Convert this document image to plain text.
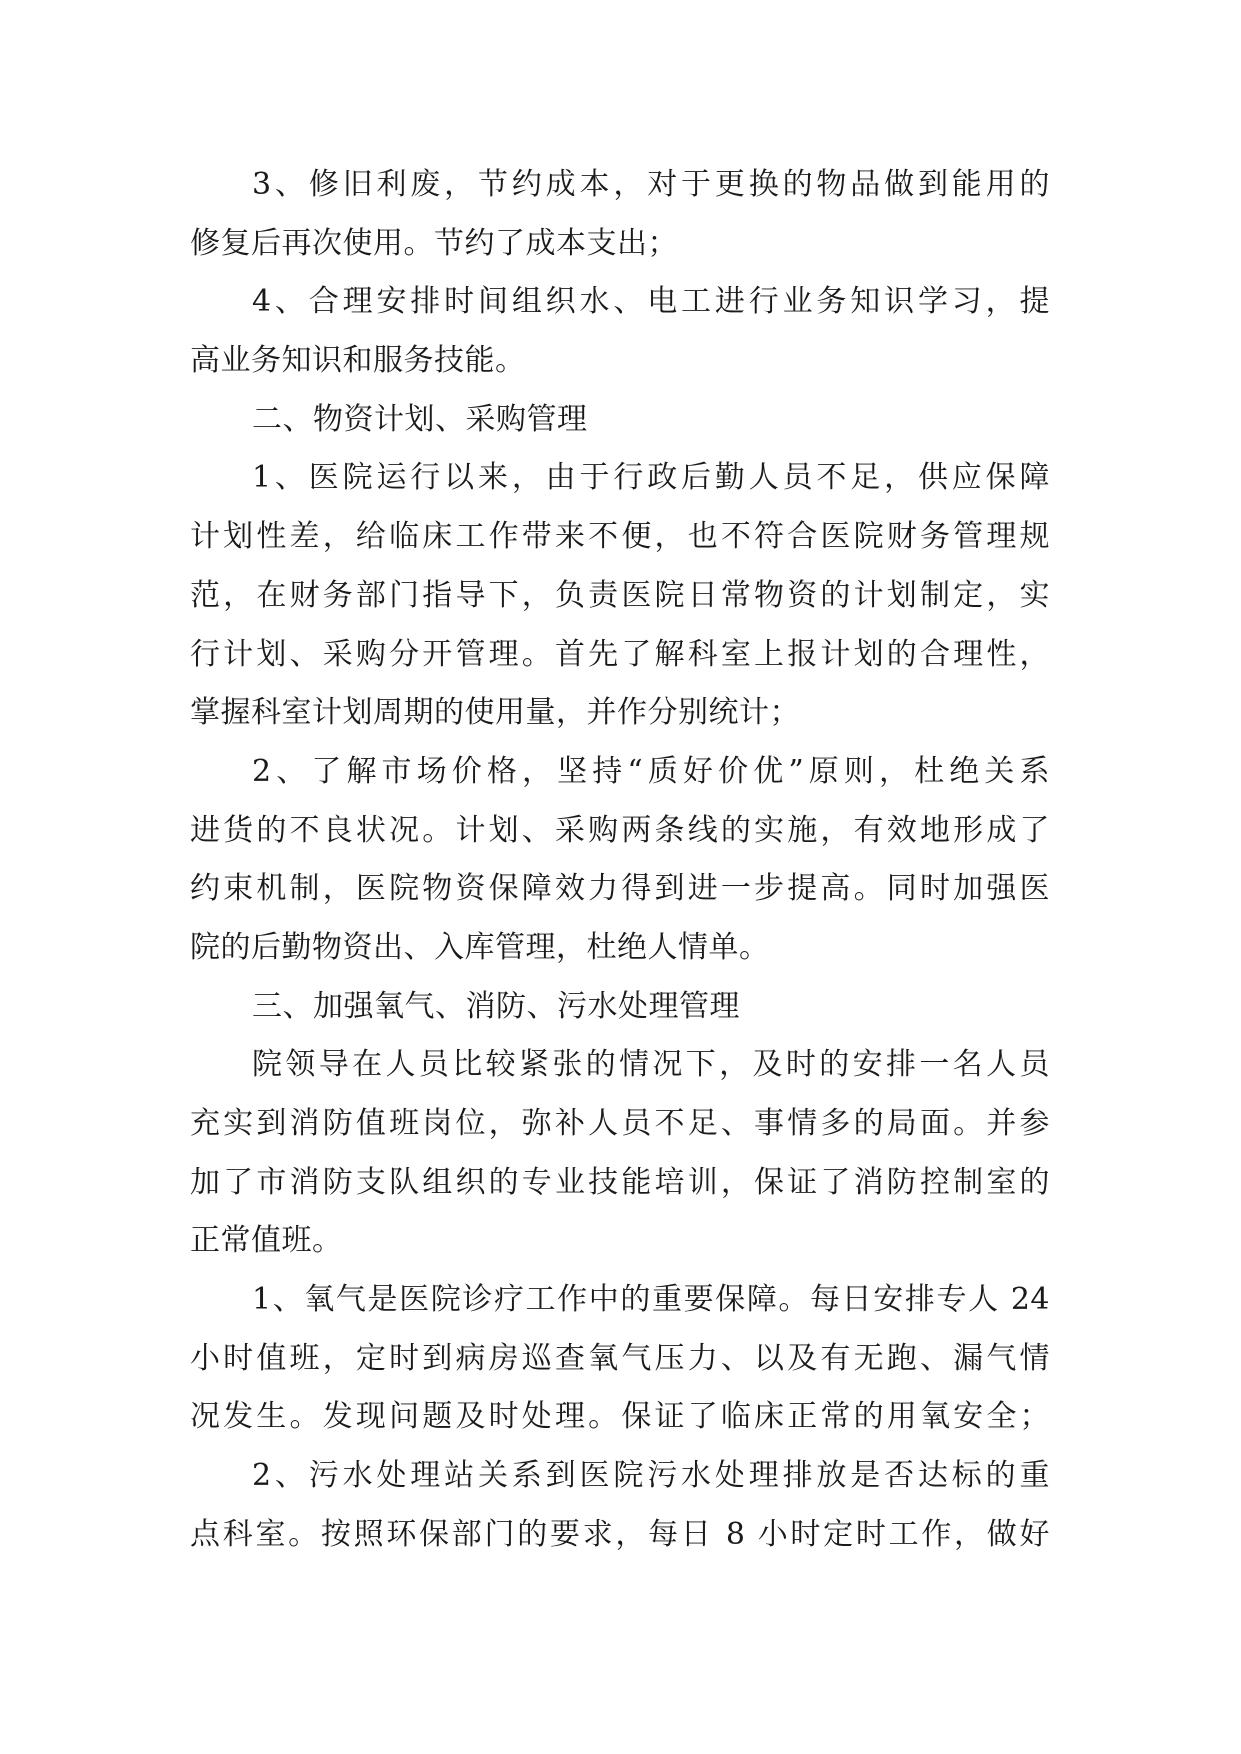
3、修旧利废，节约成本，对于更换的物品做到能用的
修复后再次使用。节约了成本支出；
4、合理安排时间组织水、电工进行业务知识学习，提
高业务知识和服务技能。
二、物资计划、采购管理
1、医院运行以来，由于行政后勤人员不足，供应保障
计划性差，给临床工作带来不便，也不符合医院财务管理规
范，在财务部门指导下，负责医院日常物资的计划制定，实
行计划、采购分开管理。首先了解科室上报计划的合理性，
掌握科室计划周期的使用量，并作分别统计；
2、了解市场价格，坚持“质好价优”原则，杜绝关系
进货的不良状况。计划、采购两条线的实施，有效地形成了
约束机制，医院物资保障效力得到进一步提高。同时加强医
院的后勤物资出、入库管理，杜绝人情单。
三、加强氧气、消防、污水处理管理
院领导在人员比较紧张的情况下，及时的安排一名人员
充实到消防值班岗位，弥补人员不足、事情多的局面。并参
加了市消防支队组织的专业技能培训，保证了消防控制室的
正常值班。
1、氧气是医院诊疗工作中的重要保障。每日安排专人 24
小时值班，定时到病房巡查氧气压力、以及有无跑、漏气情
况发生。发现问题及时处理。保证了临床正常的用氧安全；
2、污水处理站关系到医院污水处理排放是否达标的重
点科室。按照环保部门的要求，每日 8 小时定时工作，做好
